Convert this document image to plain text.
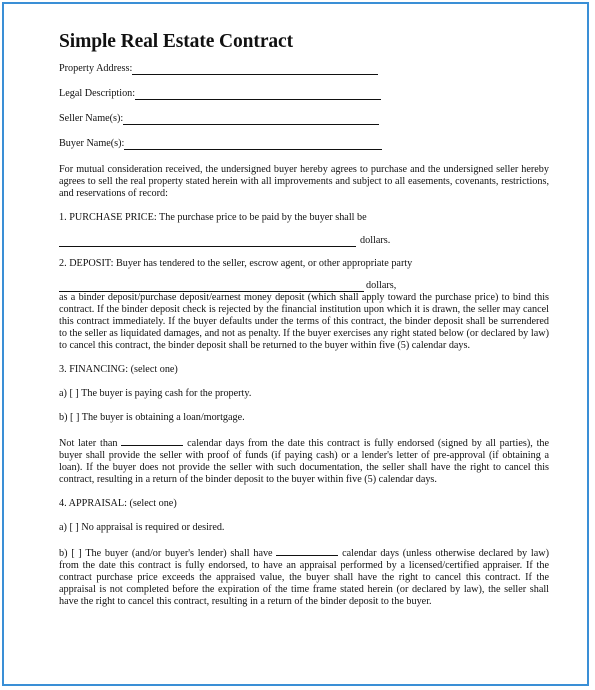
Simple Real Estate Contract
Property Address:
Legal Description:
Seller Name(s):
Buyer Name(s):
For mutual consideration received, the undersigned buyer hereby agrees to purchase and the undersigned seller hereby agrees to sell the real property stated herein with all improvements and subject to all easements, covenants, restrictions, and reservations of record:
1. PURCHASE PRICE: The purchase price to be paid by the buyer shall be
dollars.
2. DEPOSIT: Buyer has tendered to the seller, escrow agent, or other appropriate party
dollars,
as a binder deposit/purchase deposit/earnest money deposit (which shall apply toward the purchase price) to bind this contract. If the binder deposit check is rejected by the financial institution upon which it is drawn, the seller may cancel this contract immediately. If the buyer defaults under the terms of this contract, the binder deposit shall be surrendered to the seller as liquidated damages, and not as penalty. If the buyer exercises any right stated below (or declared by law) to cancel this contract, the binder deposit shall be returned to the buyer within five (5) calendar days.
3. FINANCING: (select one)
a) [ ] The buyer is paying cash for the property.
b) [ ] The buyer is obtaining a loan/mortgage.
Not later than	calendar days from the date this contract is fully endorsed (signed by all parties), the buyer shall provide the seller with proof of funds (if paying cash) or a lender's letter of pre-approval (if obtaining a loan). If the buyer does not provide the seller with such documentation, the seller shall have the right to cancel this contract, resulting in a return of the binder deposit to the buyer within five (5) calendar days.
4. APPRAISAL: (select one)
a) [ ] No appraisal is required or desired.
b) [ ] The buyer (and/or buyer's lender) shall have	calendar days (unless otherwise declared by law) from the date this contract is fully endorsed, to have an appraisal performed by a licensed/certified appraiser. If the contract purchase price exceeds the appraised value, the buyer shall have the right to cancel this contract. If the appraisal is not completed before the expiration of the time frame stated herein (or declared by law), the seller shall have the right to cancel this contract, resulting in a return of the binder deposit to the buyer.
